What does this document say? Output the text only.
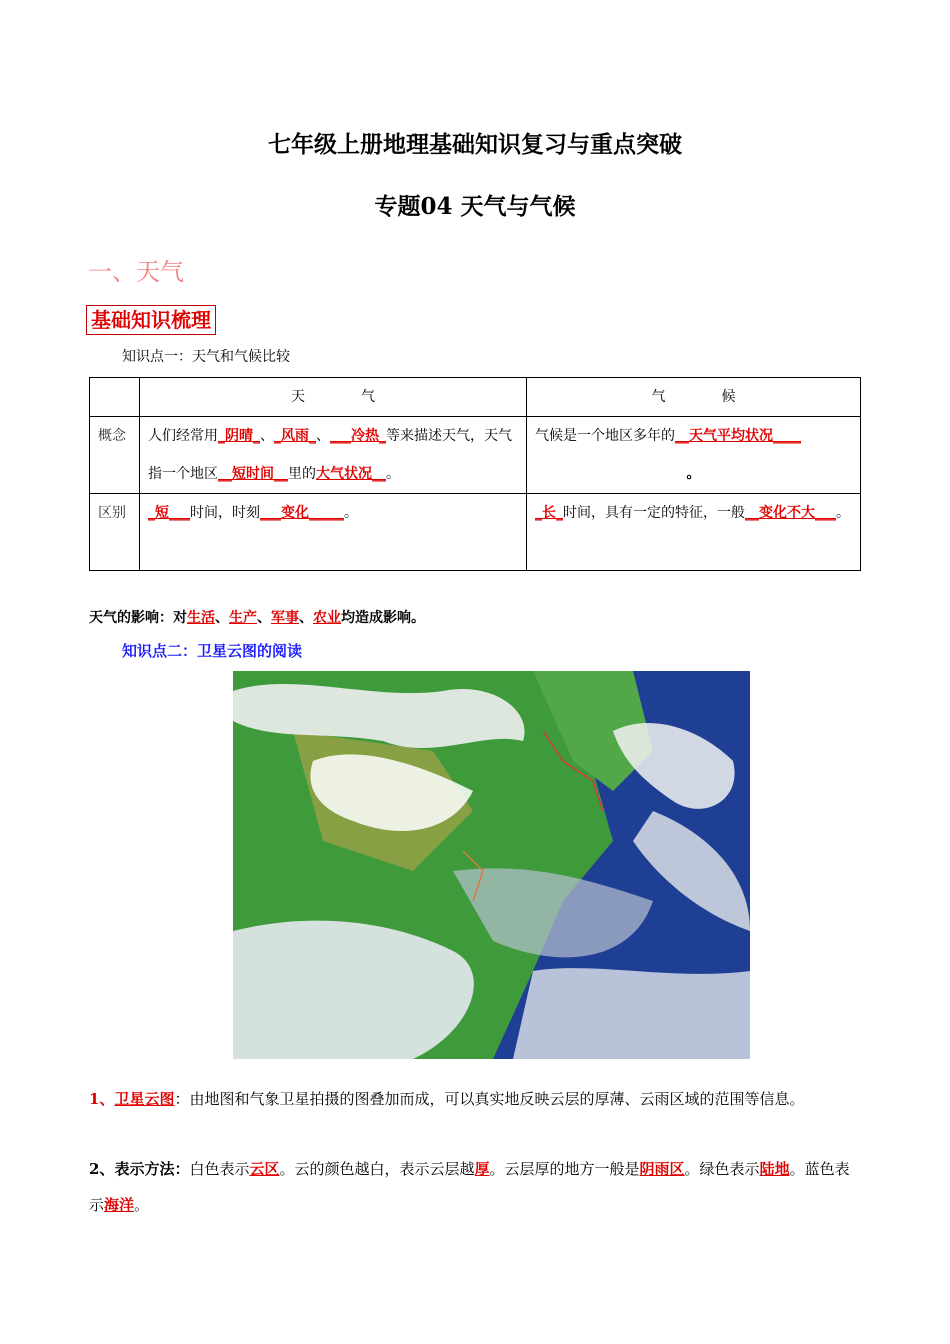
七年级上册地理基础知识复习与重点突破
专题04 天气与气候
一、天气
基础知识梳理
知识点一：天气和气候比较
	天　　　　气	气　　　　候
概念	人们经常用_阴晴_、_风雨_、___冷热_等来描述天气，天气指一个地区__短时间__里的大气状况__。	气候是一个地区多年的__天气平均状况____
。

区别	_短___时间，时刻___变化_____。	_长_时间，具有一定的特征，一般__变化不大___。
天气的影响：对生活、生产、军事、农业均造成影响。
知识点二：卫星云图的阅读
1、卫星云图：由地图和气象卫星拍摄的图叠加而成，可以真实地反映云层的厚薄、云雨区域的范围等信息。
2、表示方法：白色表示云区。云的颜色越白，表示云层越厚。云层厚的地方一般是阴雨区。绿色表示陆地。蓝色表示海洋。
